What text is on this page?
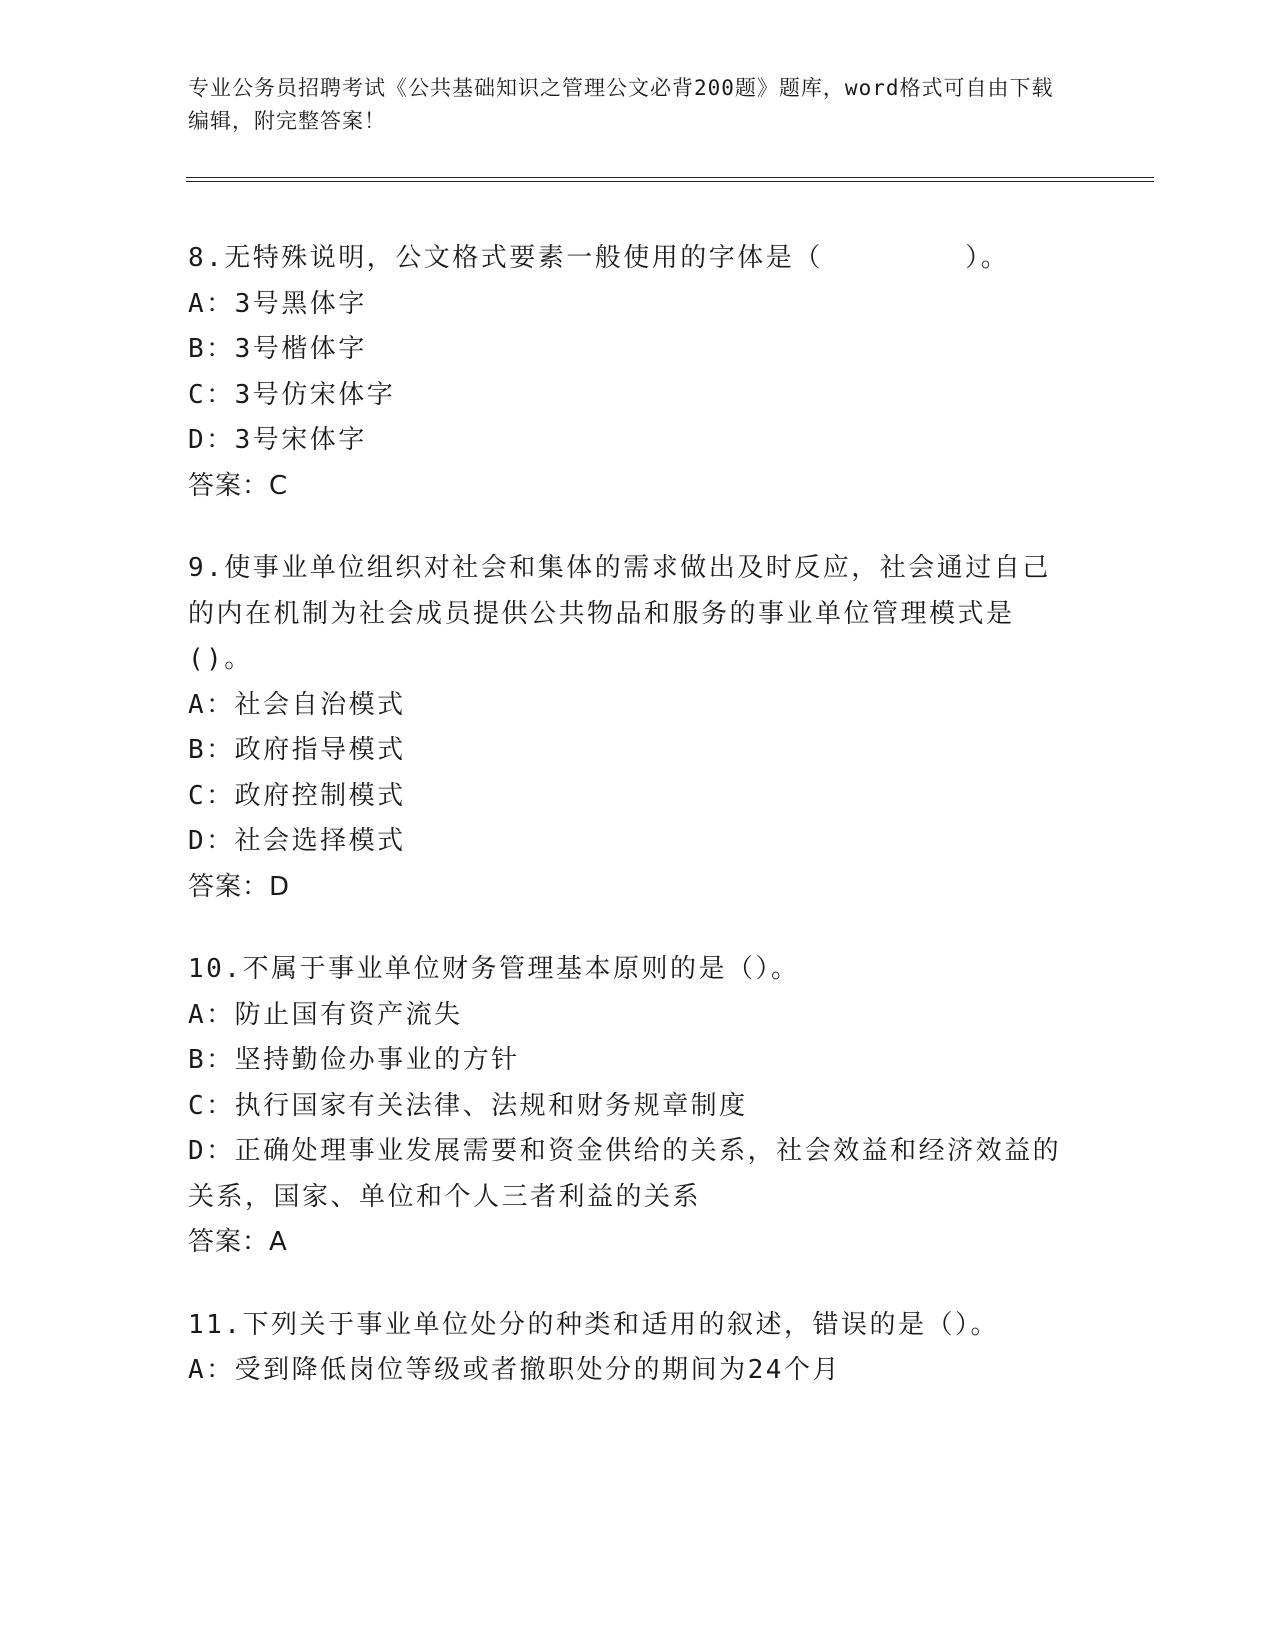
专业公务员招聘考试《公共基础知识之管理公文必背200题》题库，word格式可自由下载编辑，附完整答案！
8.无特殊说明，公文格式要素一般使用的字体是（　　　　　）。
A：3号黑体字
B：3号楷体字
C：3号仿宋体字
D：3号宋体字
答案：C
9.使事业单位组织对社会和集体的需求做出及时反应，社会通过自己的内在机制为社会成员提供公共物品和服务的事业单位管理模式是()。
A：社会自治模式
B：政府指导模式
C：政府控制模式
D：社会选择模式
答案：D
10.不属于事业单位财务管理基本原则的是（）。
A：防止国有资产流失
B：坚持勤俭办事业的方针
C：执行国家有关法律、法规和财务规章制度
D：正确处理事业发展需要和资金供给的关系，社会效益和经济效益的关系，国家、单位和个人三者利益的关系
答案：A
11.下列关于事业单位处分的种类和适用的叙述，错误的是（）。
A：受到降低岗位等级或者撤职处分的期间为24个月
